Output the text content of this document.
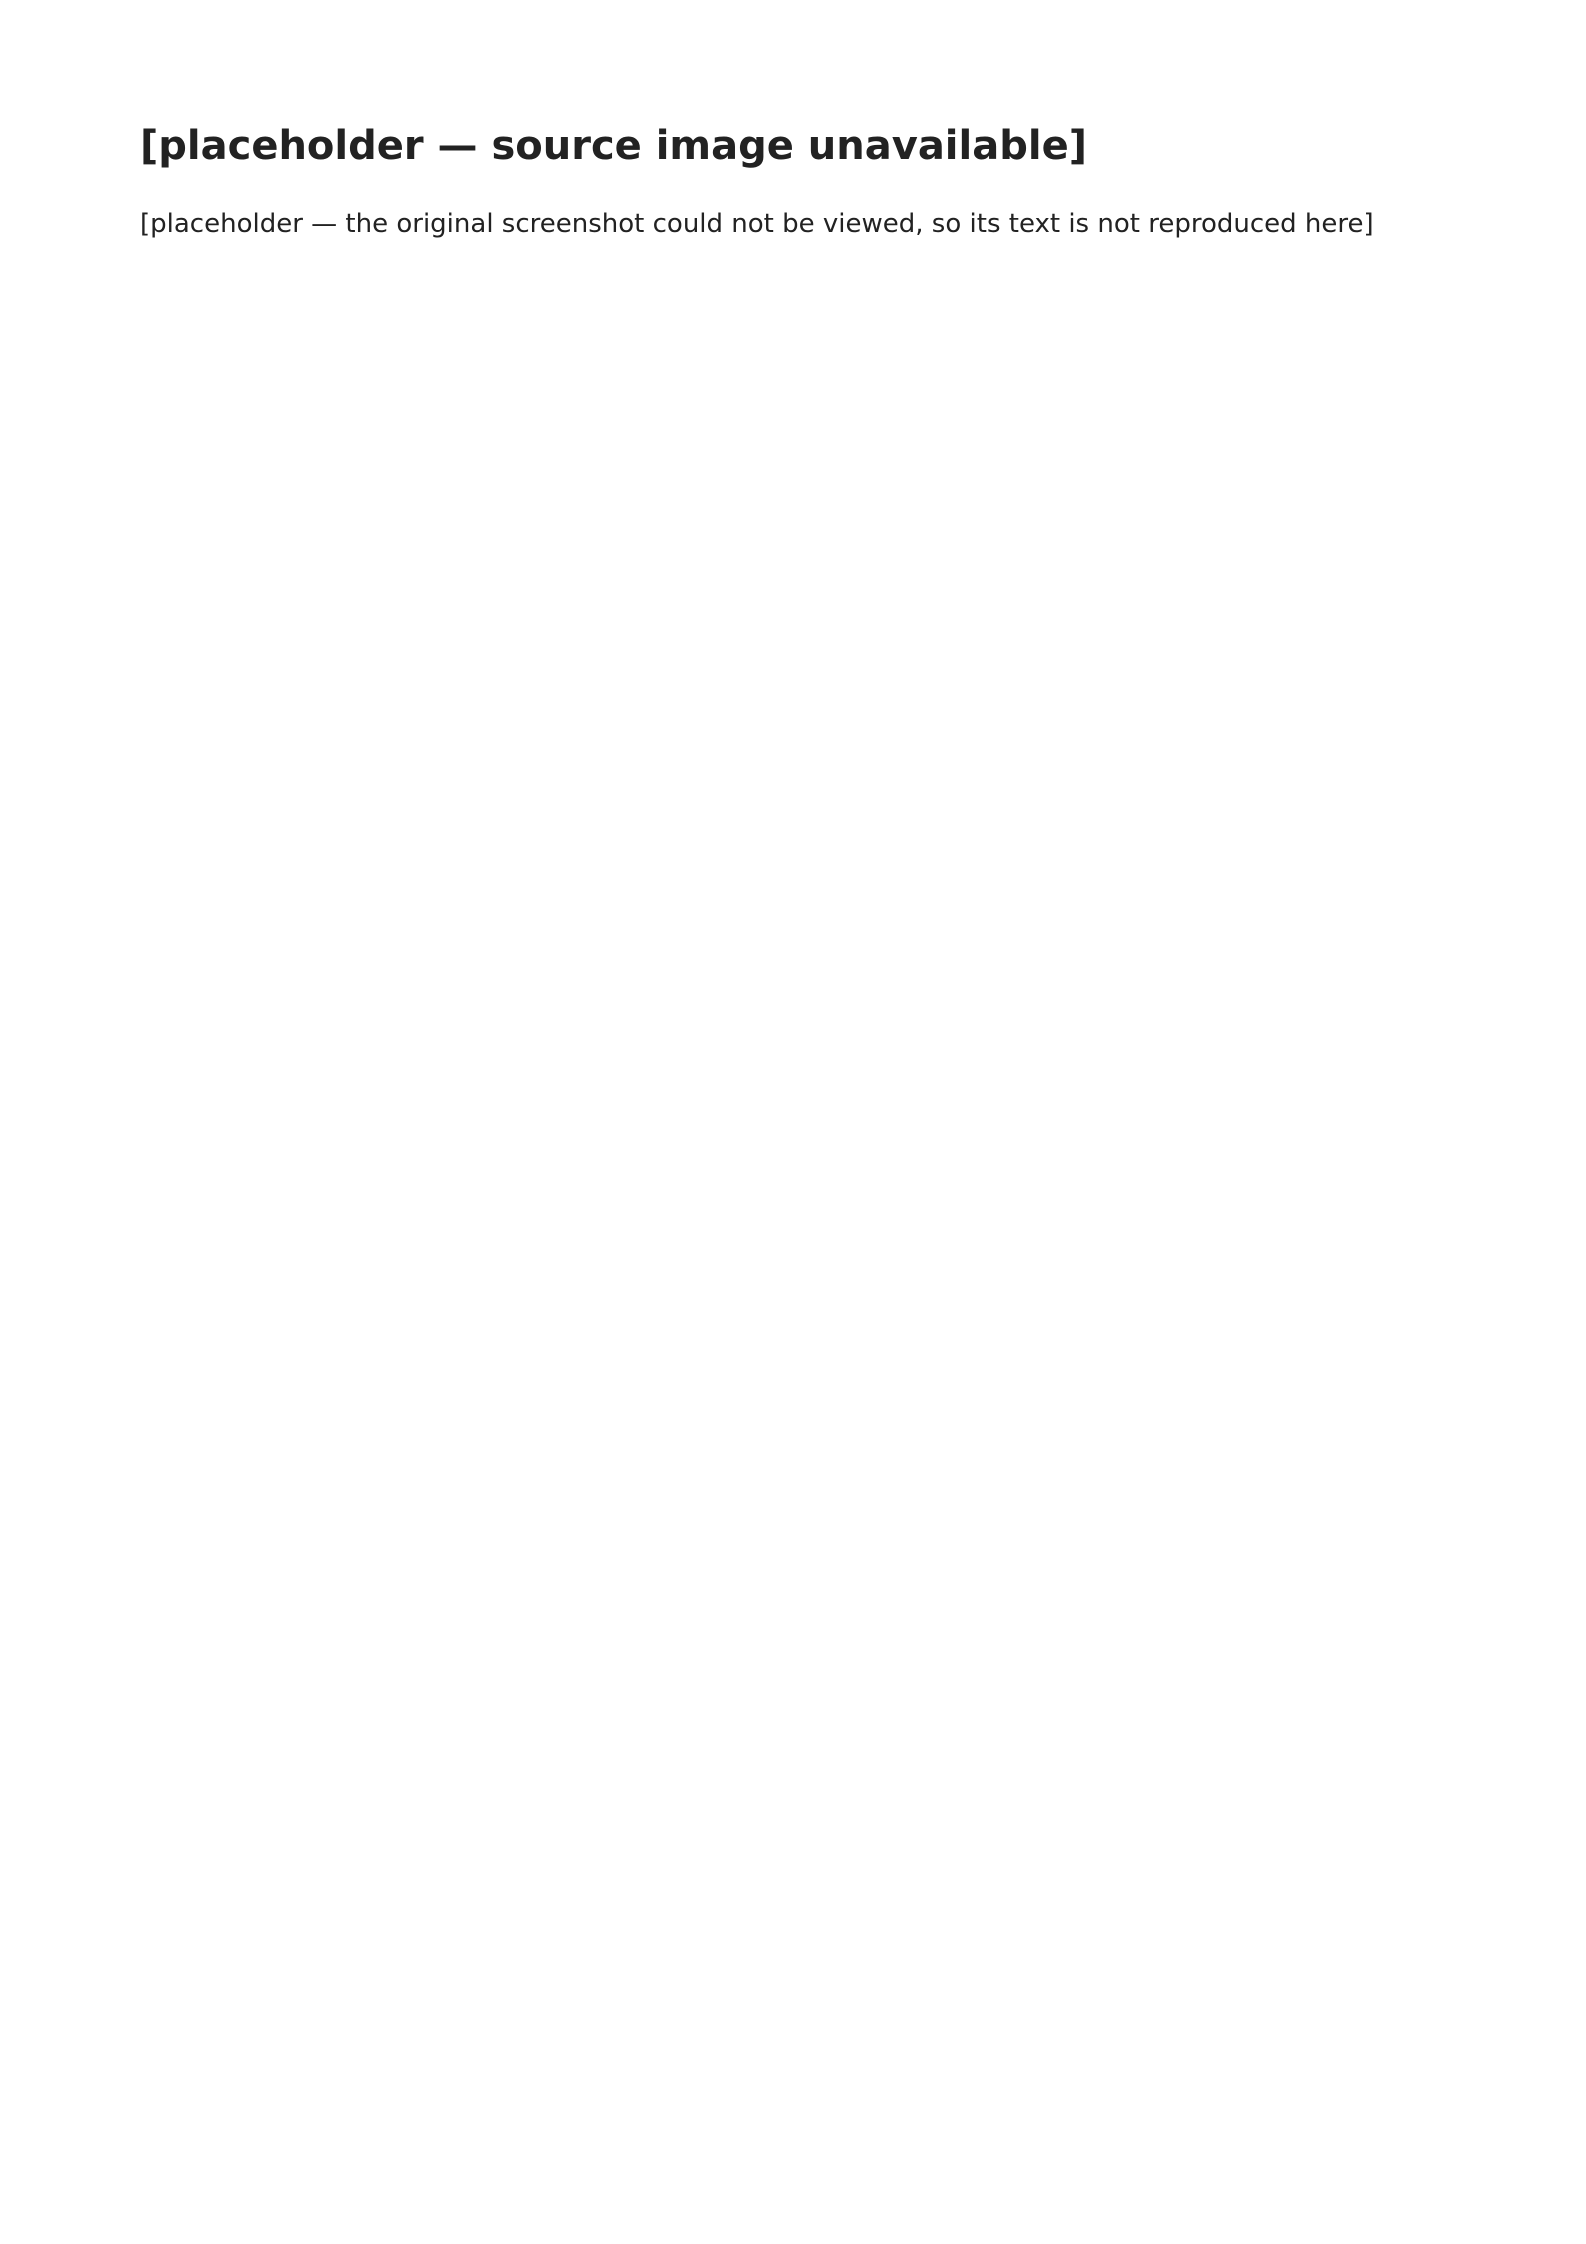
[placeholder — source image unavailable]

[placeholder — the original screenshot could not be viewed, so its text is not reproduced here]
